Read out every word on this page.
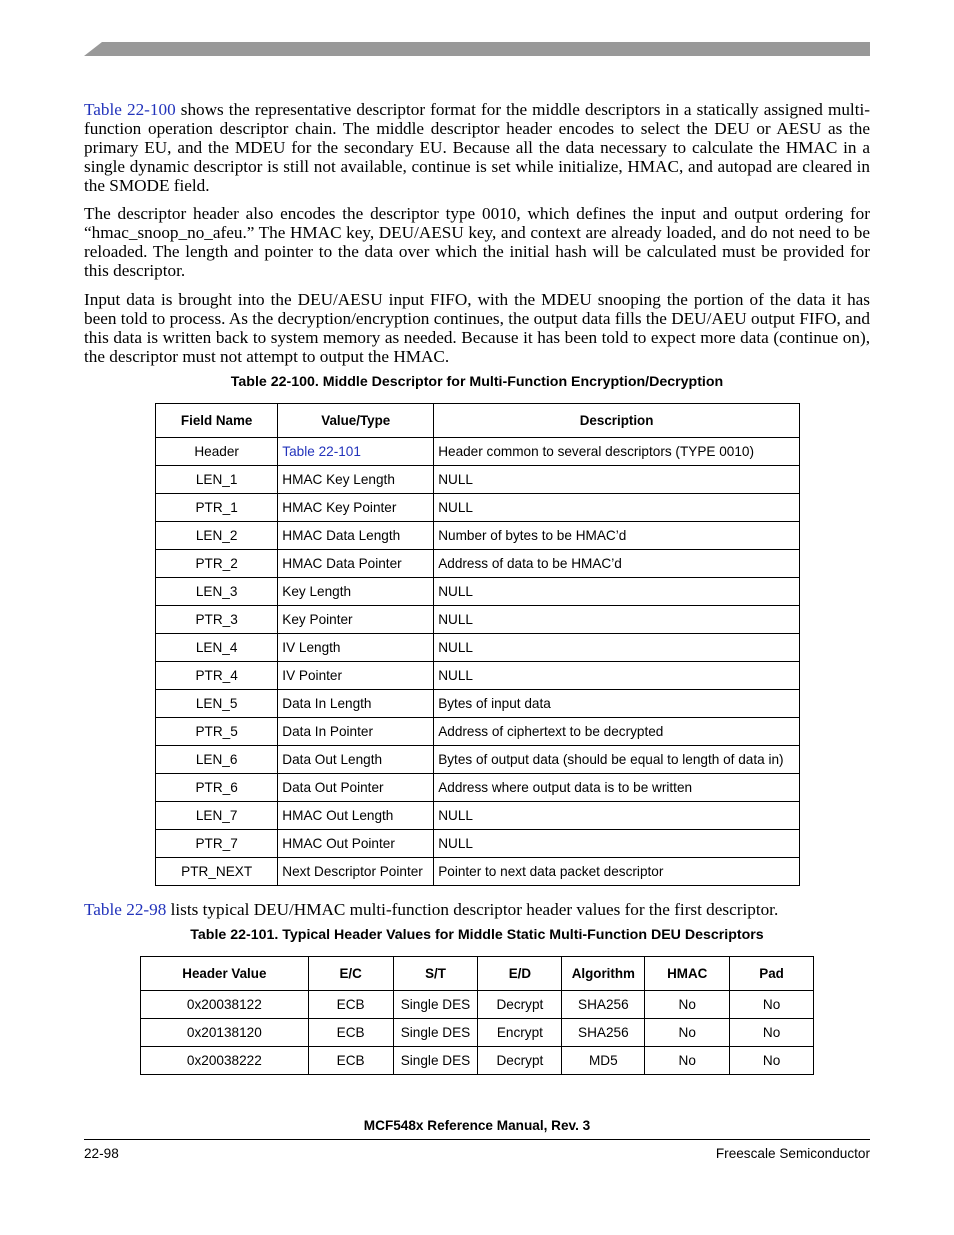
Table 22-100 shows the representative descriptor format for the middle descriptors in a statically assigned multi-function operation descriptor chain. The middle descriptor header encodes to select the DEU or AESU as the primary EU, and the MDEU for the secondary EU. Because all the data necessary to calculate the HMAC in a single dynamic descriptor is still not available, continue is set while initialize, HMAC, and autopad are cleared in the SMODE field.

The descriptor header also encodes the descriptor type 0010, which defines the input and output ordering for “hmac_snoop_no_afeu.” The HMAC key, DEU/AESU key, and context are already loaded, and do not need to be reloaded. The length and pointer to the data over which the initial hash will be calculated must be provided for this descriptor.

Input data is brought into the DEU/AESU input FIFO, with the MDEU snooping the portion of the data it has been told to process. As the decryption/encryption continues, the output data fills the DEU/AEU output FIFO, and this data is written back to system memory as needed. Because it has been told to expect more data (continue on), the descriptor must not attempt to output the HMAC.

Table 22-100. Middle Descriptor for Multi-Function Encryption/Decryption

Field Name	Value/Type	Description
Header	Table 22-101	Header common to several descriptors (TYPE 0010)
LEN_1	HMAC Key Length	NULL
PTR_1	HMAC Key Pointer	NULL
LEN_2	HMAC Data Length	Number of bytes to be HMAC’d
PTR_2	HMAC Data Pointer	Address of data to be HMAC’d
LEN_3	Key Length	NULL
PTR_3	Key Pointer	NULL
LEN_4	IV Length	NULL
PTR_4	IV Pointer	NULL
LEN_5	Data In Length	Bytes of input data
PTR_5	Data In Pointer	Address of ciphertext to be decrypted
LEN_6	Data Out Length	Bytes of output data (should be equal to length of data in)
PTR_6	Data Out Pointer	Address where output data is to be written
LEN_7	HMAC Out Length	NULL
PTR_7	HMAC Out Pointer	NULL
PTR_NEXT	Next Descriptor Pointer	Pointer to next data packet descriptor

Table 22-98 lists typical DEU/HMAC multi-function descriptor header values for the first descriptor.

Table 22-101. Typical Header Values for Middle Static Multi-Function DEU Descriptors

Header Value	E/C	S/T	E/D	Algorithm	HMAC	Pad
0x20038122	ECB	Single DES	Decrypt	SHA256	No	No
0x20138120	ECB	Single DES	Encrypt	SHA256	No	No
0x20038222	ECB	Single DES	Decrypt	MD5	No	No

MCF548x Reference Manual, Rev. 3

22-98	Freescale Semiconductor
